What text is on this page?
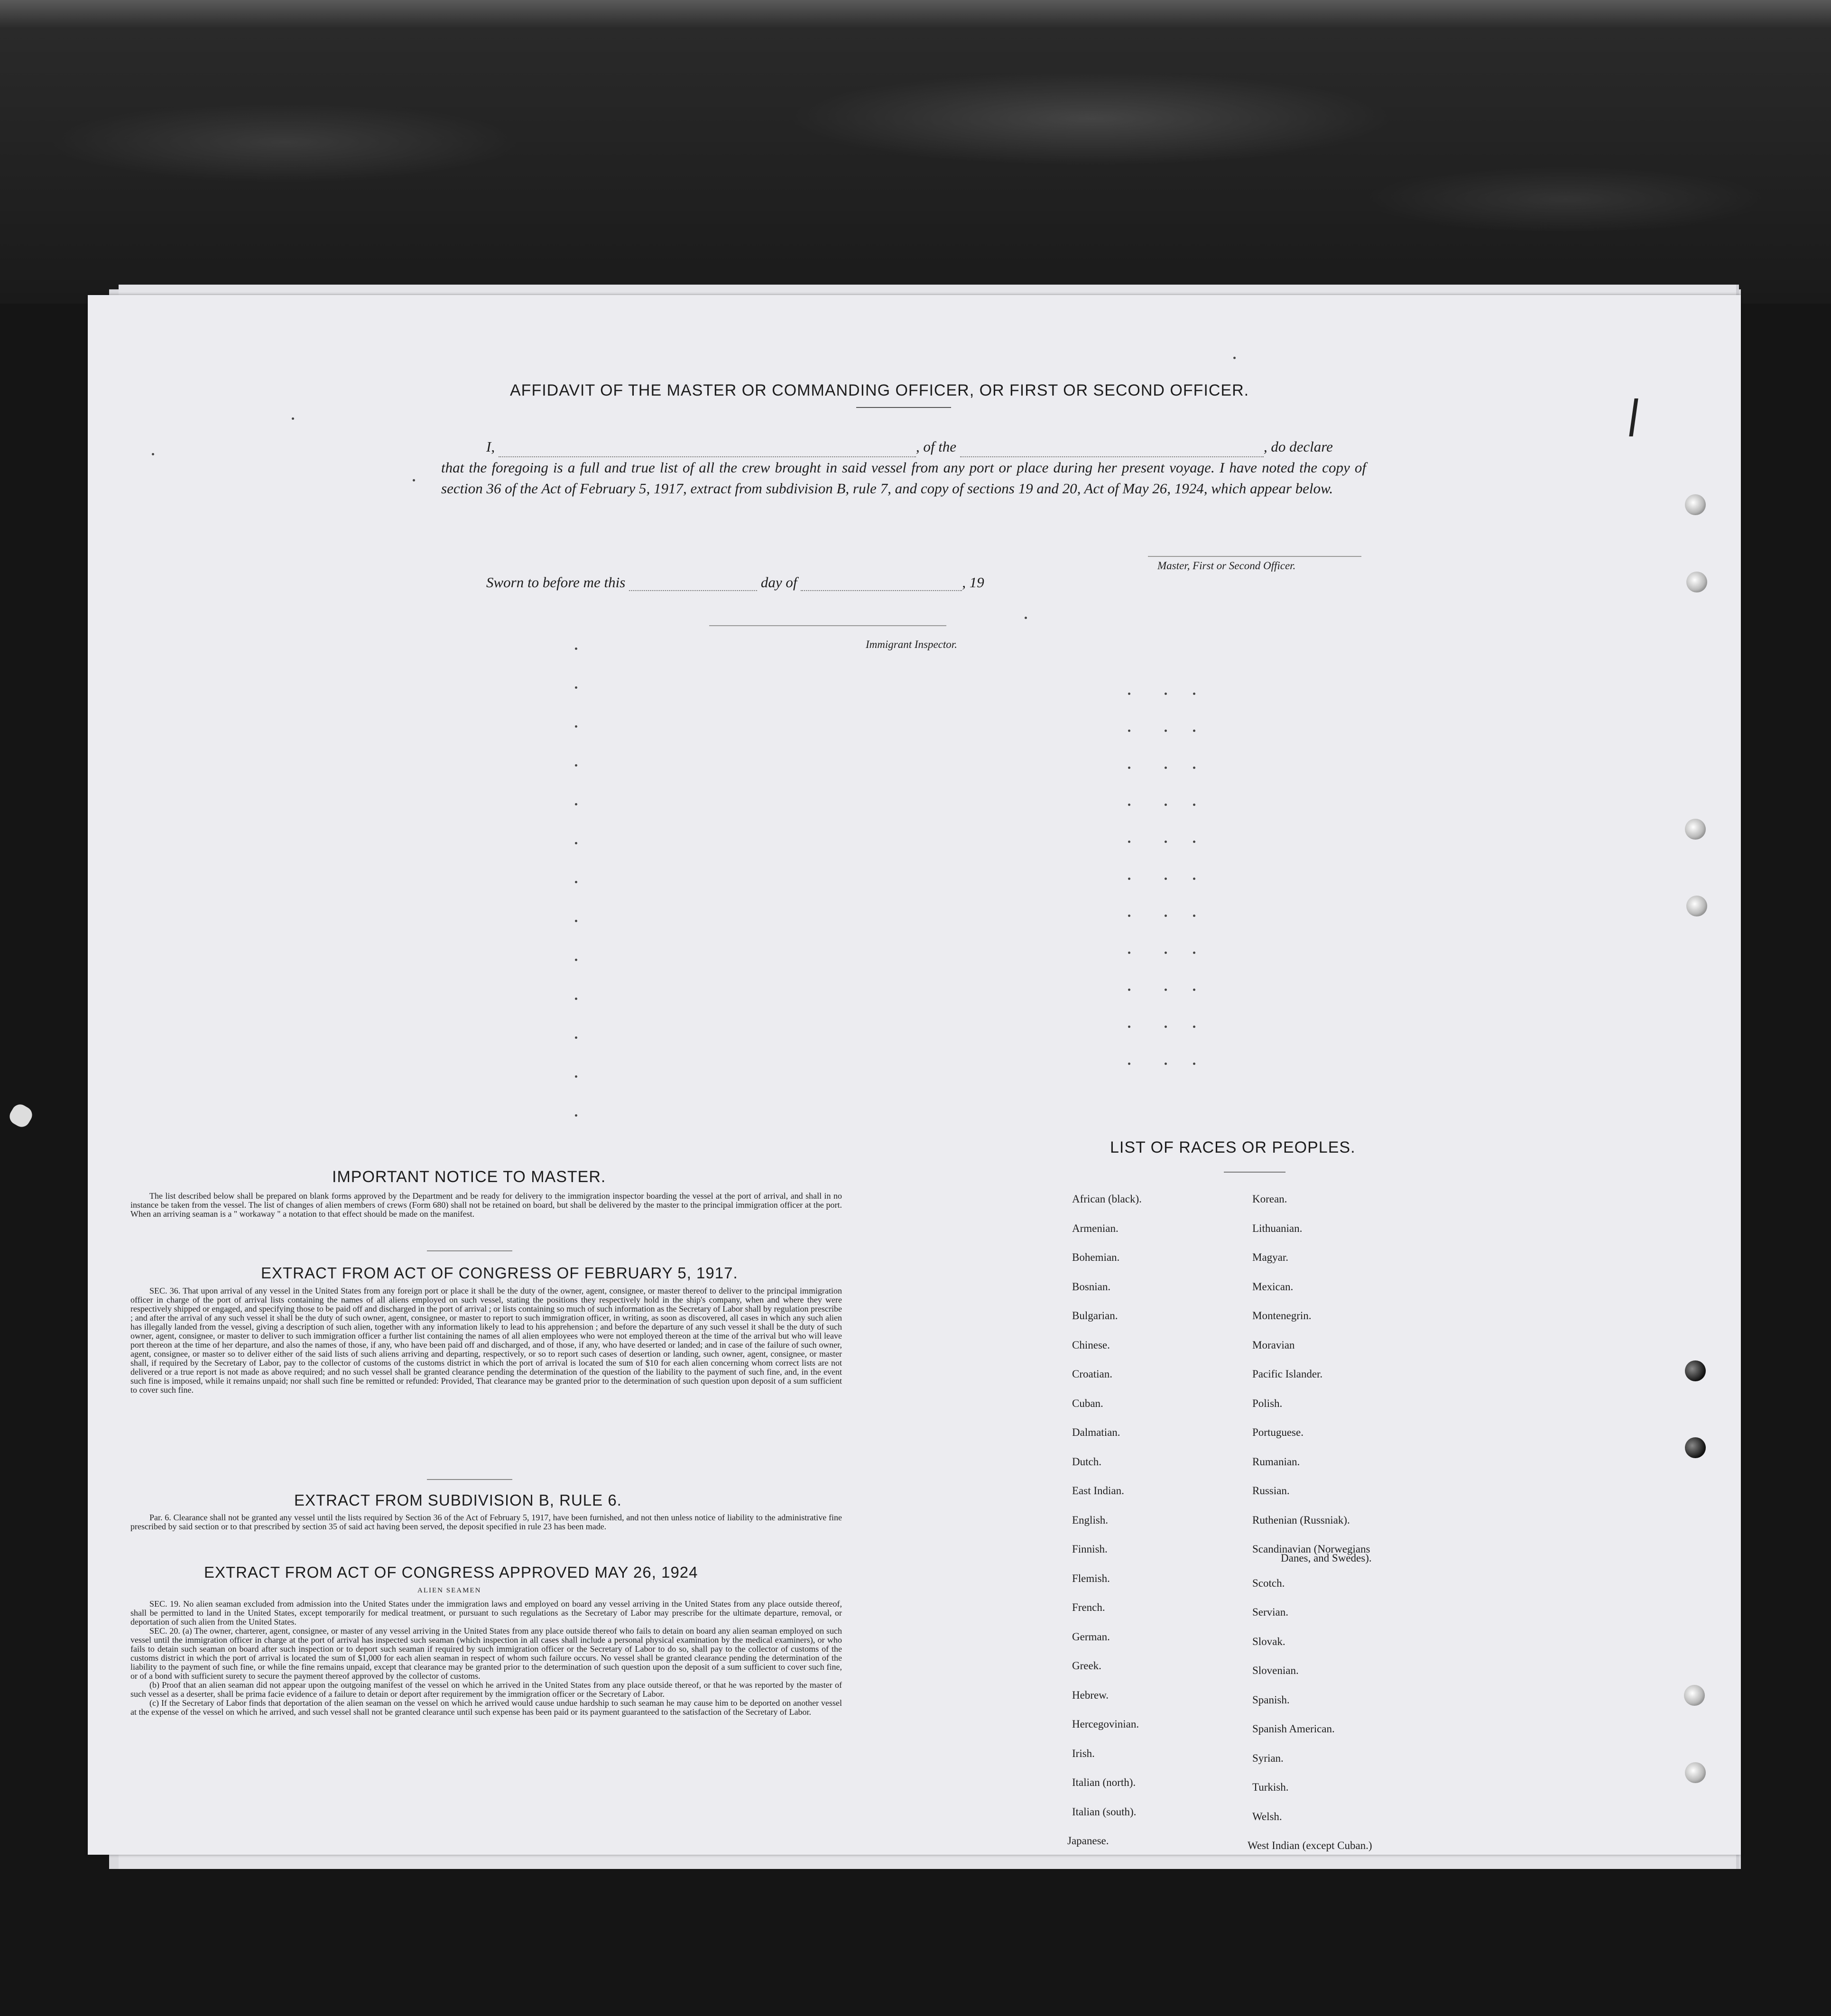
AFFIDAVIT OF THE MASTER OR COMMANDING OFFICER, OR FIRST OR SECOND OFFICER.
I,	, of the	, do declare

that the foregoing is a full and true list of all the crew brought in said vessel from any port or place during her present voyage. I have noted the copy of section 36 of the Act of February 5, 1917, extract from subdivision B, rule 7, and copy of sections 19 and 20, Act of May 26, 1924, which appear below.

Master, First or Second Officer.
Sworn to before me this	day of	, 19
Immigrant Inspector.
IMPORTANT NOTICE TO MASTER.

The list described below shall be prepared on blank forms approved by the Department and be ready for delivery to the immigration inspector boarding the vessel at the port of arrival, and shall in no instance be taken from the vessel. The list of changes of alien members of crews (Form 680) shall not be retained on board, but shall be delivered by the master to the principal immigration officer at the port. When an arriving seaman is a " workaway " a notation to that effect should be made on the manifest.

EXTRACT FROM ACT OF CONGRESS OF FEBRUARY 5, 1917.

SEC. 36. That upon arrival of any vessel in the United States from any foreign port or place it shall be the duty of the owner, agent, consignee, or master thereof to deliver to the principal immigration officer in charge of the port of arrival lists containing the names of all aliens employed on such vessel, stating the positions they respectively hold in the ship's company, when and where they were respectively shipped or engaged, and specifying those to be paid off and discharged in the port of arrival ; or lists containing so much of such information as the Secretary of Labor shall by regulation prescribe ; and after the arrival of any such vessel it shall be the duty of such owner, agent, consignee, or master to report to such immigration officer, in writing, as soon as discovered, all cases in which any such alien has illegally landed from the vessel, giving a description of such alien, together with any information likely to lead to his apprehension ; and before the departure of any such vessel it shall be the duty of such owner, agent, consignee, or master to deliver to such immigration officer a further list containing the names of all alien employees who were not employed thereon at the time of the arrival but who will leave port thereon at the time of her departure, and also the names of those, if any, who have been paid off and discharged, and of those, if any, who have deserted or landed; and in case of the failure of such owner, agent, consignee, or master so to deliver either of the said lists of such aliens arriving and departing, respectively, or so to report such cases of desertion or landing, such owner, agent, consignee, or master shall, if required by the Secretary of Labor, pay to the collector of customs of the customs district in which the port of arrival is located the sum of $10 for each alien concerning whom correct lists are not delivered or a true report is not made as above required; and no such vessel shall be granted clearance pending the determination of the question of the liability to the payment of such fine, and, in the event such fine is imposed, while it remains unpaid; nor shall such fine be remitted or refunded: Provided, That clearance may be granted prior to the determination of such question upon deposit of a sum sufficient to cover such fine.

EXTRACT FROM SUBDIVISION B, RULE 6.

Par. 6. Clearance shall not be granted any vessel until the lists required by Section 36 of the Act of February 5, 1917, have been furnished, and not then unless notice of liability to the administrative fine prescribed by said section or to that prescribed by section 35 of said act having been served, the deposit specified in rule 23 has been made.

EXTRACT FROM ACT OF CONGRESS APPROVED MAY 26, 1924
ALIEN SEAMEN

SEC. 19. No alien seaman excluded from admission into the United States under the immigration laws and employed on board any vessel arriving in the United States from any place outside thereof, shall be permitted to land in the United States, except temporarily for medical treatment, or pursuant to such regulations as the Secretary of Labor may prescribe for the ultimate departure, removal, or deportation of such alien from the United States.

SEC. 20. (a) The owner, charterer, agent, consignee, or master of any vessel arriving in the United States from any place outside thereof who fails to detain on board any alien seaman employed on such vessel until the immigration officer in charge at the port of arrival has inspected such seaman (which inspection in all cases shall include a personal physical examination by the medical examiners), or who fails to detain such seaman on board after such inspection or to deport such seaman if required by such immigration officer or the Secretary of Labor to do so, shall pay to the collector of customs of the customs district in which the port of arrival is located the sum of $1,000 for each alien seaman in respect of whom such failure occurs. No vessel shall be granted clearance pending the determination of the liability to the payment of such fine, or while the fine remains unpaid, except that clearance may be granted prior to the determination of such question upon the deposit of a sum sufficient to cover such fine, or of a bond with sufficient surety to secure the payment thereof approved by the collector of customs.

(b) Proof that an alien seaman did not appear upon the outgoing manifest of the vessel on which he arrived in the United States from any place outside thereof, or that he was reported by the master of such vessel as a deserter, shall be prima facie evidence of a failure to detain or deport after requirement by the immigration officer or the Secretary of Labor.

(c) If the Secretary of Labor finds that deportation of the alien seaman on the vessel on which he arrived would cause undue hardship to such seaman he may cause him to be deported on another vessel at the expense of the vessel on which he arrived, and such vessel shall not be granted clearance until such expense has been paid or its payment guaranteed to the satisfaction of the Secretary of Labor.

LIST OF RACES OR PEOPLES.
Danes, and Swedes).
African (black).
Armenian.
Bohemian.
Bosnian.
Bulgarian.
Chinese.
Croatian.
Cuban.
Dalmatian.
Dutch.
East Indian.
English.
Finnish.
Flemish.
French.
German.
Greek.
Hebrew.
Hercegovinian.
Irish.
Italian (north).
Italian (south).
Japanese.
Korean.
Lithuanian.
Magyar.
Mexican.
Montenegrin.
Moravian
Pacific Islander.
Polish.
Portuguese.
Rumanian.
Russian.
Ruthenian (Russniak).
Scandinavian (Norwegians
Scotch.
Servian.
Slovak.
Slovenian.
Spanish.
Spanish American.
Syrian.
Turkish.
Welsh.
West Indian (except Cuban.)
